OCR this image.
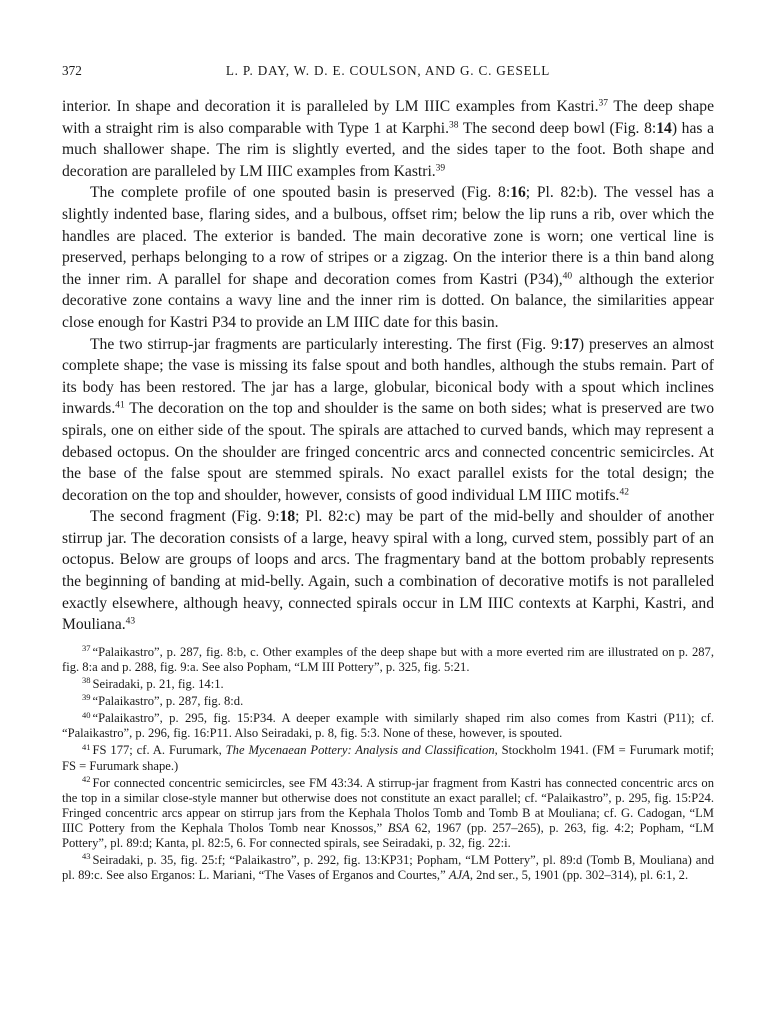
372	L. P. DAY, W. D. E. COULSON, AND G. C. GESELL

interior. In shape and decoration it is paralleled by LM IIIC examples from Kastri.$^{37}$ The deep shape with a straight rim is also comparable with Type 1 at Karphi.$^{38}$ The second deep bowl (Fig. 8:14) has a much shallower shape. The rim is slightly everted, and the sides taper to the foot. Both shape and decoration are paralleled by LM IIIC examples from Kastri.$^{39}$

The complete profile of one spouted basin is preserved (Fig. 8:16; Pl. 82:b). The vessel has a slightly indented base, flaring sides, and a bulbous, offset rim; below the lip runs a rib, over which the handles are placed. The exterior is banded. The main decorative zone is worn; one vertical line is preserved, perhaps belonging to a row of stripes or a zigzag. On the interior there is a thin band along the inner rim. A parallel for shape and decoration comes from Kastri (P34),$^{40}$ although the exterior decorative zone contains a wavy line and the inner rim is dotted. On balance, the similarities appear close enough for Kastri P34 to provide an LM IIIC date for this basin.

The two stirrup-jar fragments are particularly interesting. The first (Fig. 9:17) preserves an almost complete shape; the vase is missing its false spout and both handles, although the stubs remain. Part of its body has been restored. The jar has a large, globular, biconical body with a spout which inclines inwards.$^{41}$ The decoration on the top and shoulder is the same on both sides; what is preserved are two spirals, one on either side of the spout. The spirals are attached to curved bands, which may represent a debased octopus. On the shoulder are fringed concentric arcs and connected concentric semicircles. At the base of the false spout are stemmed spirals. No exact parallel exists for the total design; the decoration on the top and shoulder, however, consists of good individual LM IIIC motifs.$^{42}$

The second fragment (Fig. 9:18; Pl. 82:c) may be part of the mid-belly and shoulder of another stirrup jar. The decoration consists of a large, heavy spiral with a long, curved stem, possibly part of an octopus. Below are groups of loops and arcs. The fragmentary band at the bottom probably represents the beginning of banding at mid-belly. Again, such a combination of decorative motifs is not paralleled exactly elsewhere, although heavy, connected spirals occur in LM IIIC contexts at Karphi, Kastri, and Mouliana.$^{43}$

$^{37}$ “Palaikastro”, p. 287, fig. 8:b, c. Other examples of the deep shape but with a more everted rim are illustrated on p. 287, fig. 8:a and p. 288, fig. 9:a. See also Popham, “LM III Pottery”, p. 325, fig. 5:21.

$^{38}$ Seiradaki, p. 21, fig. 14:1.

$^{39}$ “Palaikastro”, p. 287, fig. 8:d.

$^{40}$ “Palaikastro”, p. 295, fig. 15:P34. A deeper example with similarly shaped rim also comes from Kastri (P11); cf. “Palaikastro”, p. 296, fig. 16:P11. Also Seiradaki, p. 8, fig. 5:3. None of these, however, is spouted.

$^{41}$ FS 177; cf. A. Furumark, The Mycenaean Pottery: Analysis and Classification, Stockholm 1941. (FM = Furumark motif; FS = Furumark shape.)

$^{42}$ For connected concentric semicircles, see FM 43:34. A stirrup-jar fragment from Kastri has connected concentric arcs on the top in a similar close-style manner but otherwise does not constitute an exact parallel; cf. “Palaikastro”, p. 295, fig. 15:P24. Fringed concentric arcs appear on stirrup jars from the Kephala Tholos Tomb and Tomb B at Mouliana; cf. G. Cadogan, “LM IIIC Pottery from the Kephala Tholos Tomb near Knossos,” BSA 62, 1967 (pp. 257–265), p. 263, fig. 4:2; Popham, “LM Pottery”, pl. 89:d; Kanta, pl. 82:5, 6. For connected spirals, see Seiradaki, p. 32, fig. 22:i.

$^{43}$ Seiradaki, p. 35, fig. 25:f; “Palaikastro”, p. 292, fig. 13:KP31; Popham, “LM Pottery”, pl. 89:d (Tomb B, Mouliana) and pl. 89:c. See also Erganos: L. Mariani, “The Vases of Erganos and Courtes,” AJA, 2nd ser., 5, 1901 (pp. 302–314), pl. 6:1, 2.
